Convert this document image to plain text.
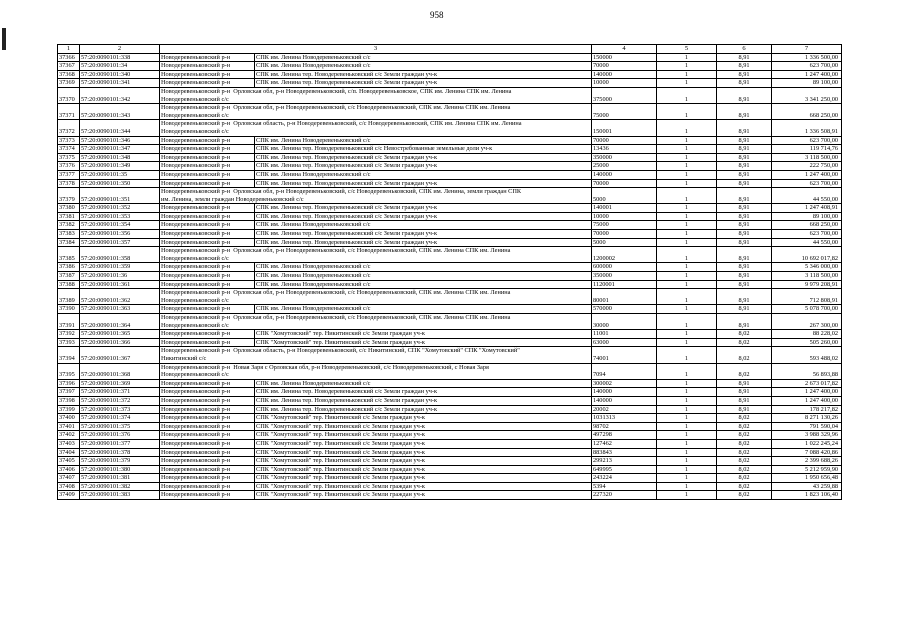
958
1	2	3		4	5	6	7
37366	57:20:0090101:338	Новодеревеньковский р-н	СПК им. Ленина Новодеревеньковский с/с	150000	1	8,91	1 336 500,00
37367	57:20:0090101:34	Новодеревеньковский р-н	СПК им. Ленина Новодеревеньковский с/с	70000	1	8,91	623 700,00
37368	57:20:0090101:340	Новодеревеньковский р-н	СПК им. Ленина тер. Новодеревеньковский с/с Земли граждан уч-к	140000	1	8,91	1 247 400,00
37369	57:20:0090101:341	Новодеревеньковский р-н	СПК им. Ленина тер. Новодеревеньковский с/с Земли граждан уч-к	10000	1	8,91	89 100,00
37370	57:20:0090101:342	Новодеревеньковский р-н Орловская обл, р-н Новодеревеньковский, с/п. Новодеревеньковское, СПК им. Ленина СПК им. Ленина
Новодеревеньковский с/с		375000	1	8,91	3 341 250,00
37371	57:20:0090101:343	Новодеревеньковский р-н Орловская обл, р-н Новодеревеньковский, с/с Новодеревеньковский, СПК им. Ленина СПК им. Ленина
Новодеревеньковский с/с		75000	1	8,91	668 250,00
37372	57:20:0090101:344	Новодеревеньковский р-н Орловская область, р-н Новодеревеньковский, с/с Новодеревеньковский, СПК им. Ленина СПК им. Ленина
Новодеревеньковский с/с		150001	1	8,91	1 336 508,91
37373	57:20:0090101:346	Новодеревеньковский р-н	СПК им. Ленина Новодеревеньковский с/с	70000	1	8,91	623 700,00
37374	57:20:0090101:347	Новодеревеньковский р-н	СПК им. Ленина тер. Новодеревеньковский с/с Невостребованные земельные доли уч-к	13436	1	8,91	119 714,76
37375	57:20:0090101:348	Новодеревеньковский р-н	СПК им. Ленина тер. Новодеревеньковский с/с Земли граждан уч-к	350000	1	8,91	3 118 500,00
37376	57:20:0090101:349	Новодеревеньковский р-н	СПК им. Ленина тер. Новодеревеньковский с/с Земли граждан уч-к	25000	1	8,91	222 750,00
37377	57:20:0090101:35	Новодеревеньковский р-н	СПК им. Ленина Новодеревеньковский с/с	140000	1	8,91	1 247 400,00
37378	57:20:0090101:350	Новодеревеньковский р-н	СПК им. Ленина тер. Новодеревеньковский с/с Земли граждан уч-к	70000	1	8,91	623 700,00
37379	57:20:0090101:351	Новодеревеньковский р-н Орловская обл, р-н Новодеревеньковский, с/с Новодеревеньковский, СПК им. Ленина, земли граждан СПК
им. Ленина, земли граждан Новодеревеньковский с/с		5000	1	8,91	44 550,00
37380	57:20:0090101:352	Новодеревеньковский р-н	СПК им. Ленина тер. Новодеревеньковский с/с Земли граждан уч-к	140001	1	8,91	1 247 408,91
37381	57:20:0090101:353	Новодеревеньковский р-н	СПК им. Ленина тер. Новодеревеньковский с/с Земли граждан уч-к	10000	1	8,91	89 100,00
37382	57:20:0090101:354	Новодеревеньковский р-н	СПК им. Ленина Новодеревеньковский с/с	75000	1	8,91	668 250,00
37383	57:20:0090101:356	Новодеревеньковский р-н	СПК им. Ленина тер. Новодеревеньковский с/с Земли граждан уч-к	70000	1	8,91	623 700,00
37384	57:20:0090101:357	Новодеревеньковский р-н	СПК им. Ленина тер. Новодеревеньковский с/с Земли граждан уч-к	5000	1	8,91	44 550,00
37385	57:20:0090101:358	Новодеревеньковский р-н Орловская обл, р-н Новодеревеньковский, с/с Новодеревеньковский, СПК им. Ленина СПК им. Ленина
Новодеревеньковский с/с		1200002	1	8,91	10 692 017,82
37386	57:20:0090101:359	Новодеревеньковский р-н	СПК им. Ленина Новодеревеньковский с/с	600000	1	8,91	5 346 000,00
37387	57:20:0090101:36	Новодеревеньковский р-н	СПК им. Ленина Новодеревеньковский с/с	350000	1	8,91	3 118 500,00
37388	57:20:0090101:361	Новодеревеньковский р-н	СПК им. Ленина Новодеревеньковский с/с	1120001	1	8,91	9 979 208,91
37389	57:20:0090101:362	Новодеревеньковский р-н Орловская обл, р-н Новодеревеньковский, с/с Новодеревеньковский, СПК им. Ленина СПК им. Ленина
Новодеревеньковский с/с		80001	1	8,91	712 808,91
37390	57:20:0090101:363	Новодеревеньковский р-н	СПК им. Ленина Новодеревеньковский с/с	570000	1	8,91	5 078 700,00
37391	57:20:0090101:364	Новодеревеньковский р-н Орловская обл, р-н Новодеревеньковский, с/с Новодеревеньковский, СПК им. Ленина СПК им. Ленина
Новодеревеньковский с/с		30000	1	8,91	267 300,00
37392	57:20:0090101:365	Новодеревеньковский р-н	СПК "Хомутовский" тер. Никитинский с/с Земли граждан уч-к	11001	1	8,02	88 228,02
37393	57:20:0090101:366	Новодеревеньковский р-н	СПК "Хомутовский" тер. Никитинский с/с Земли граждан уч-к	63000	1	8,02	505 260,00
37394	57:20:0090101:367	Новодеревеньковский р-н Орловская область, р-н Новодеревеньковский, с/с Никитинский, СПК "Хомутовский" СПК "Хомутовский"
Никитинский с/с		74001	1	8,02	593 488,02
37395	57:20:0090101:368	Новодеревеньковский р-н Новая Заря с Орловская обл, р-н Новодеревеньковский, с/с Новодеревеньковский, с Новая Заря
Новодеревеньковский с/с		7094	1	8,02	56 893,88
37396	57:20:0090101:369	Новодеревеньковский р-н	СПК им. Ленина Новодеревеньковский с/с	300002	1	8,91	2 673 017,82
37397	57:20:0090101:371	Новодеревеньковский р-н	СПК им. Ленина тер. Новодеревеньковский с/с Земли граждан уч-к	140000	1	8,91	1 247 400,00
37398	57:20:0090101:372	Новодеревеньковский р-н	СПК им. Ленина тер. Новодеревеньковский с/с Земли граждан уч-к	140000	1	8,91	1 247 400,00
37399	57:20:0090101:373	Новодеревеньковский р-н	СПК им. Ленина тер. Новодеревеньковский с/с Земли граждан уч-к	20002	1	8,91	178 217,82
37400	57:20:0090101:374	Новодеревеньковский р-н	СПК "Хомутовский" тер. Никитинский с/с Земли граждан уч-к	1031313	1	8,02	8 271 130,26
37401	57:20:0090101:375	Новодеревеньковский р-н	СПК "Хомутовский" тер. Никитинский с/с Земли граждан уч-к	98702	1	8,02	791 590,04
37402	57:20:0090101:376	Новодеревеньковский р-н	СПК "Хомутовский" тер. Никитинский с/с Земли граждан уч-к	497298	1	8,02	3 988 329,96
37403	57:20:0090101:377	Новодеревеньковский р-н	СПК "Хомутовский" тер. Никитинский с/с Земли граждан уч-к	127462	1	8,02	1 022 245,24
37404	57:20:0090101:378	Новодеревеньковский р-н	СПК "Хомутовский" тер. Никитинский с/с Земли граждан уч-к	883843	1	8,02	7 088 420,86
37405	57:20:0090101:379	Новодеревеньковский р-н	СПК "Хомутовский" тер. Никитинский с/с Земли граждан уч-к	299213	1	8,02	2 399 688,26
37406	57:20:0090101:380	Новодеревеньковский р-н	СПК "Хомутовский" тер. Никитинский с/с Земли граждан уч-к	649995	1	8,02	5 212 959,90
37407	57:20:0090101:381	Новодеревеньковский р-н	СПК "Хомутовский" тер. Никитинский с/с Земли граждан уч-к	243224	1	8,02	1 950 656,48
37408	57:20:0090101:382	Новодеревеньковский р-н	СПК "Хомутовский" тер. Никитинский с/с Земли граждан уч-к	5394	1	8,02	43 259,88
37409	57:20:0090101:383	Новодеревеньковский р-н	СПК "Хомутовский" тер. Никитинский с/с Земли граждан уч-к	227320	1	8,02	1 823 106,40
